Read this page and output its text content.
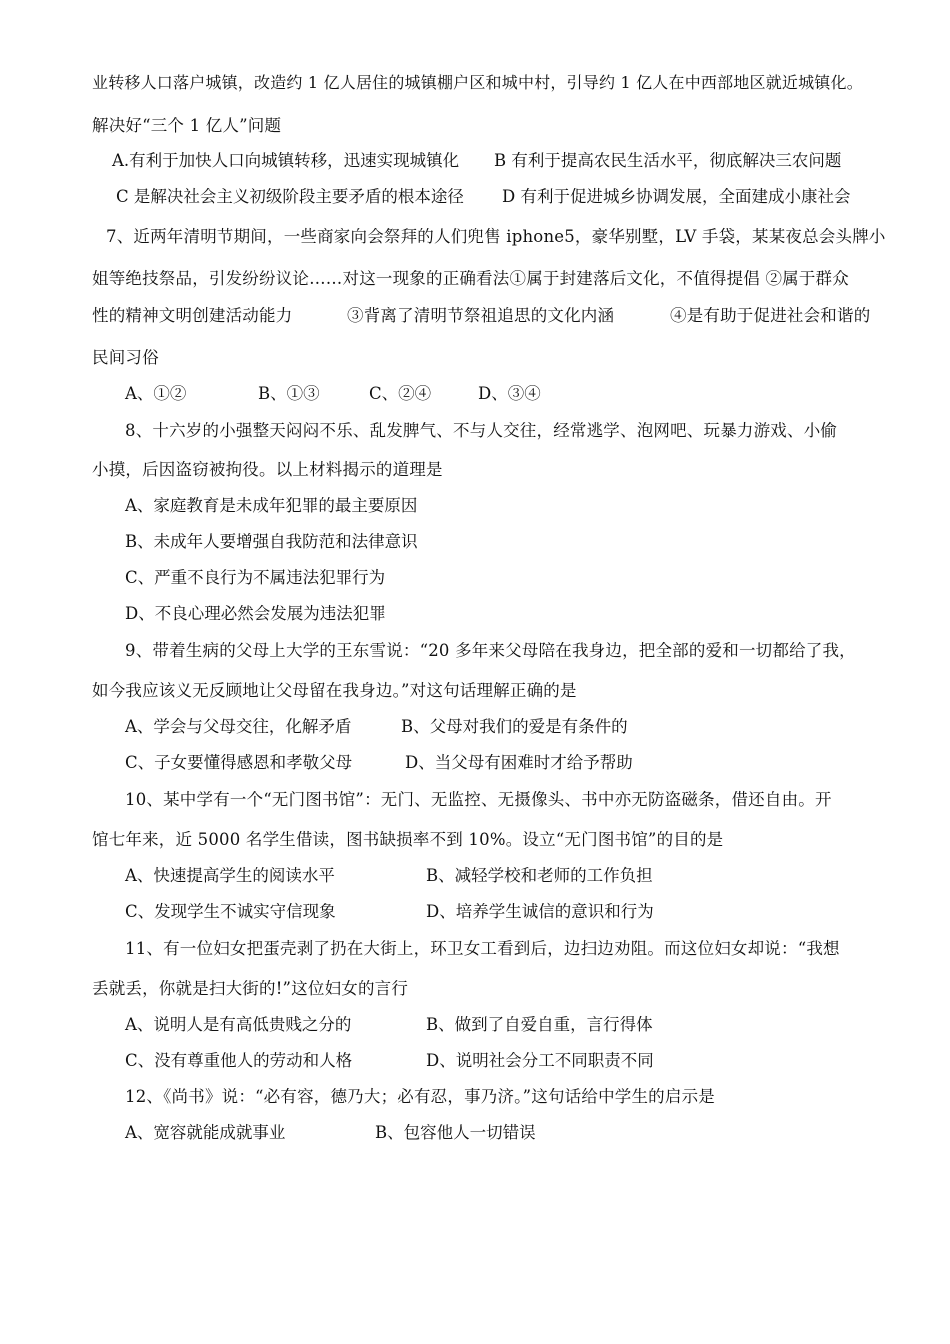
业转移人口落户城镇，改造约 1 亿人居住的城镇棚户区和城中村，引导约 1 亿人在中西部地区就近城镇化。
解决好“三个 1 亿人”问题
A.有利于加快人口向城镇转移，迅速实现城镇化 B 有利于提高农民生活水平，彻底解决三农问题
C 是解决社会主义初级阶段主要矛盾的根本途径 D 有利于促进城乡协调发展，全面建成小康社会
7、近两年清明节期间，一些商家向会祭拜的人们兜售 iphone5，豪华别墅，LV 手袋，某某夜总会头牌小
姐等绝技祭品，引发纷纷议论……对这一现象的正确看法①属于封建落后文化，不值得提倡 ②属于群众
性的精神文明创建活动能力	③背离了清明节祭祖追思的文化内涵	④是有助于促进社会和谐的
民间习俗
A、①②	B、①③	C、②④	D、③④
8、十六岁的小强整天闷闷不乐、乱发脾气、不与人交往，经常逃学、泡网吧、玩暴力游戏、小偷
小摸，后因盗窃被拘役。以上材料揭示的道理是
A、家庭教育是未成年犯罪的最主要原因
B、未成年人要增强自我防范和法律意识
C、严重不良行为不属违法犯罪行为
D、不良心理必然会发展为违法犯罪
9、带着生病的父母上大学的王东雪说：“20 多年来父母陪在我身边，把全部的爱和一切都给了我，
如今我应该义无反顾地让父母留在我身边。”对这句话理解正确的是
A、学会与父母交往，化解矛盾	B、父母对我们的爱是有条件的
C、子女要懂得感恩和孝敬父母	D、当父母有困难时才给予帮助
10、某中学有一个“无门图书馆”：无门、无监控、无摄像头、书中亦无防盗磁条，借还自由。开
馆七年来，近 5000 名学生借读，图书缺损率不到 10%。设立“无门图书馆”的目的是
A、快速提高学生的阅读水平	B、减轻学校和老师的工作负担
C、发现学生不诚实守信现象	D、培养学生诚信的意识和行为
11、有一位妇女把蛋壳剥了扔在大街上，环卫女工看到后，边扫边劝阻。而这位妇女却说：“我想
丢就丢，你就是扫大街的!”这位妇女的言行
A、说明人是有高低贵贱之分的	B、做到了自爱自重，言行得体
C、没有尊重他人的劳动和人格	D、说明社会分工不同职责不同
12、《尚书》说：“必有容，德乃大；必有忍，事乃济。”这句话给中学生的启示是
A、宽容就能成就事业	B、包容他人一切错误
